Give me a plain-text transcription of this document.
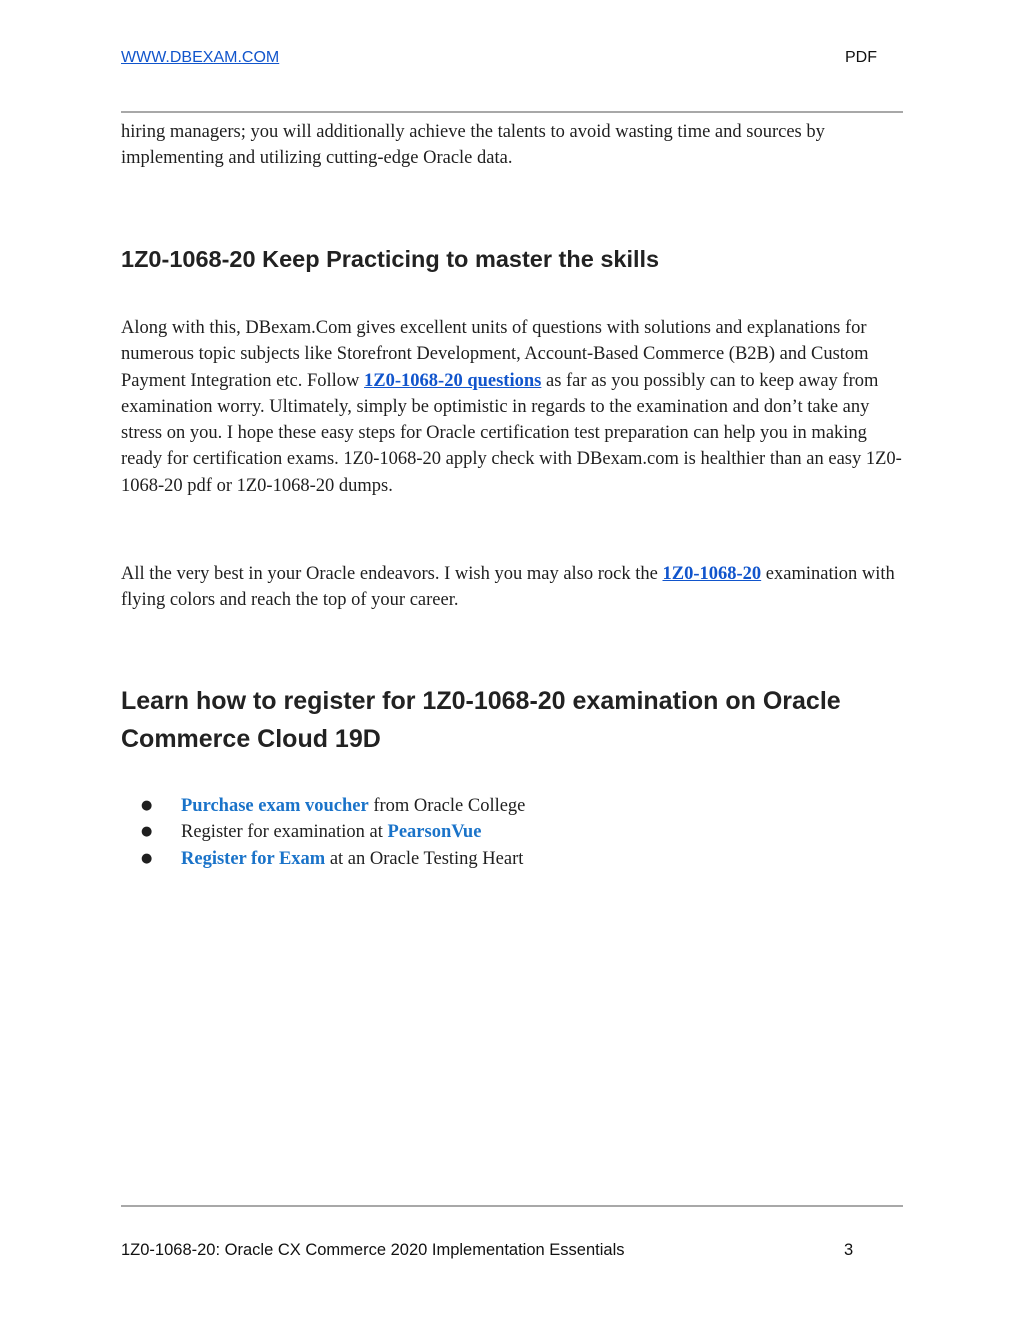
WWW.DBEXAM.COM	PDF

hiring managers; you will additionally achieve the talents to avoid wasting time and sources by implementing and utilizing cutting-edge Oracle data.

1Z0-1068-20 Keep Practicing to master the skills

Along with this, DBexam.Com gives excellent units of questions with solutions and explanations for numerous topic subjects like Storefront Development, Account-Based Commerce (B2B) and Custom Payment Integration etc. Follow 1Z0-1068-20 questions as far as you possibly can to keep away from examination worry. Ultimately, simply be optimistic in regards to the examination and don’t take any stress on you. I hope these easy steps for Oracle certification test preparation can help you in making ready for certification exams. 1Z0-1068-20 apply check with DBexam.com is healthier than an easy 1Z0-1068-20 pdf or 1Z0-1068-20 dumps.

All the very best in your Oracle endeavors. I wish you may also rock the 1Z0-1068-20 examination with flying colors and reach the top of your career.

Learn how to register for 1Z0-1068-20 examination on Oracle Commerce Cloud 19D
● Purchase exam voucher from Oracle College
● Register for examination at PearsonVue
● Register for Exam at an Oracle Testing Heart
1Z0-1068-20: Oracle CX Commerce 2020 Implementation Essentials	3
